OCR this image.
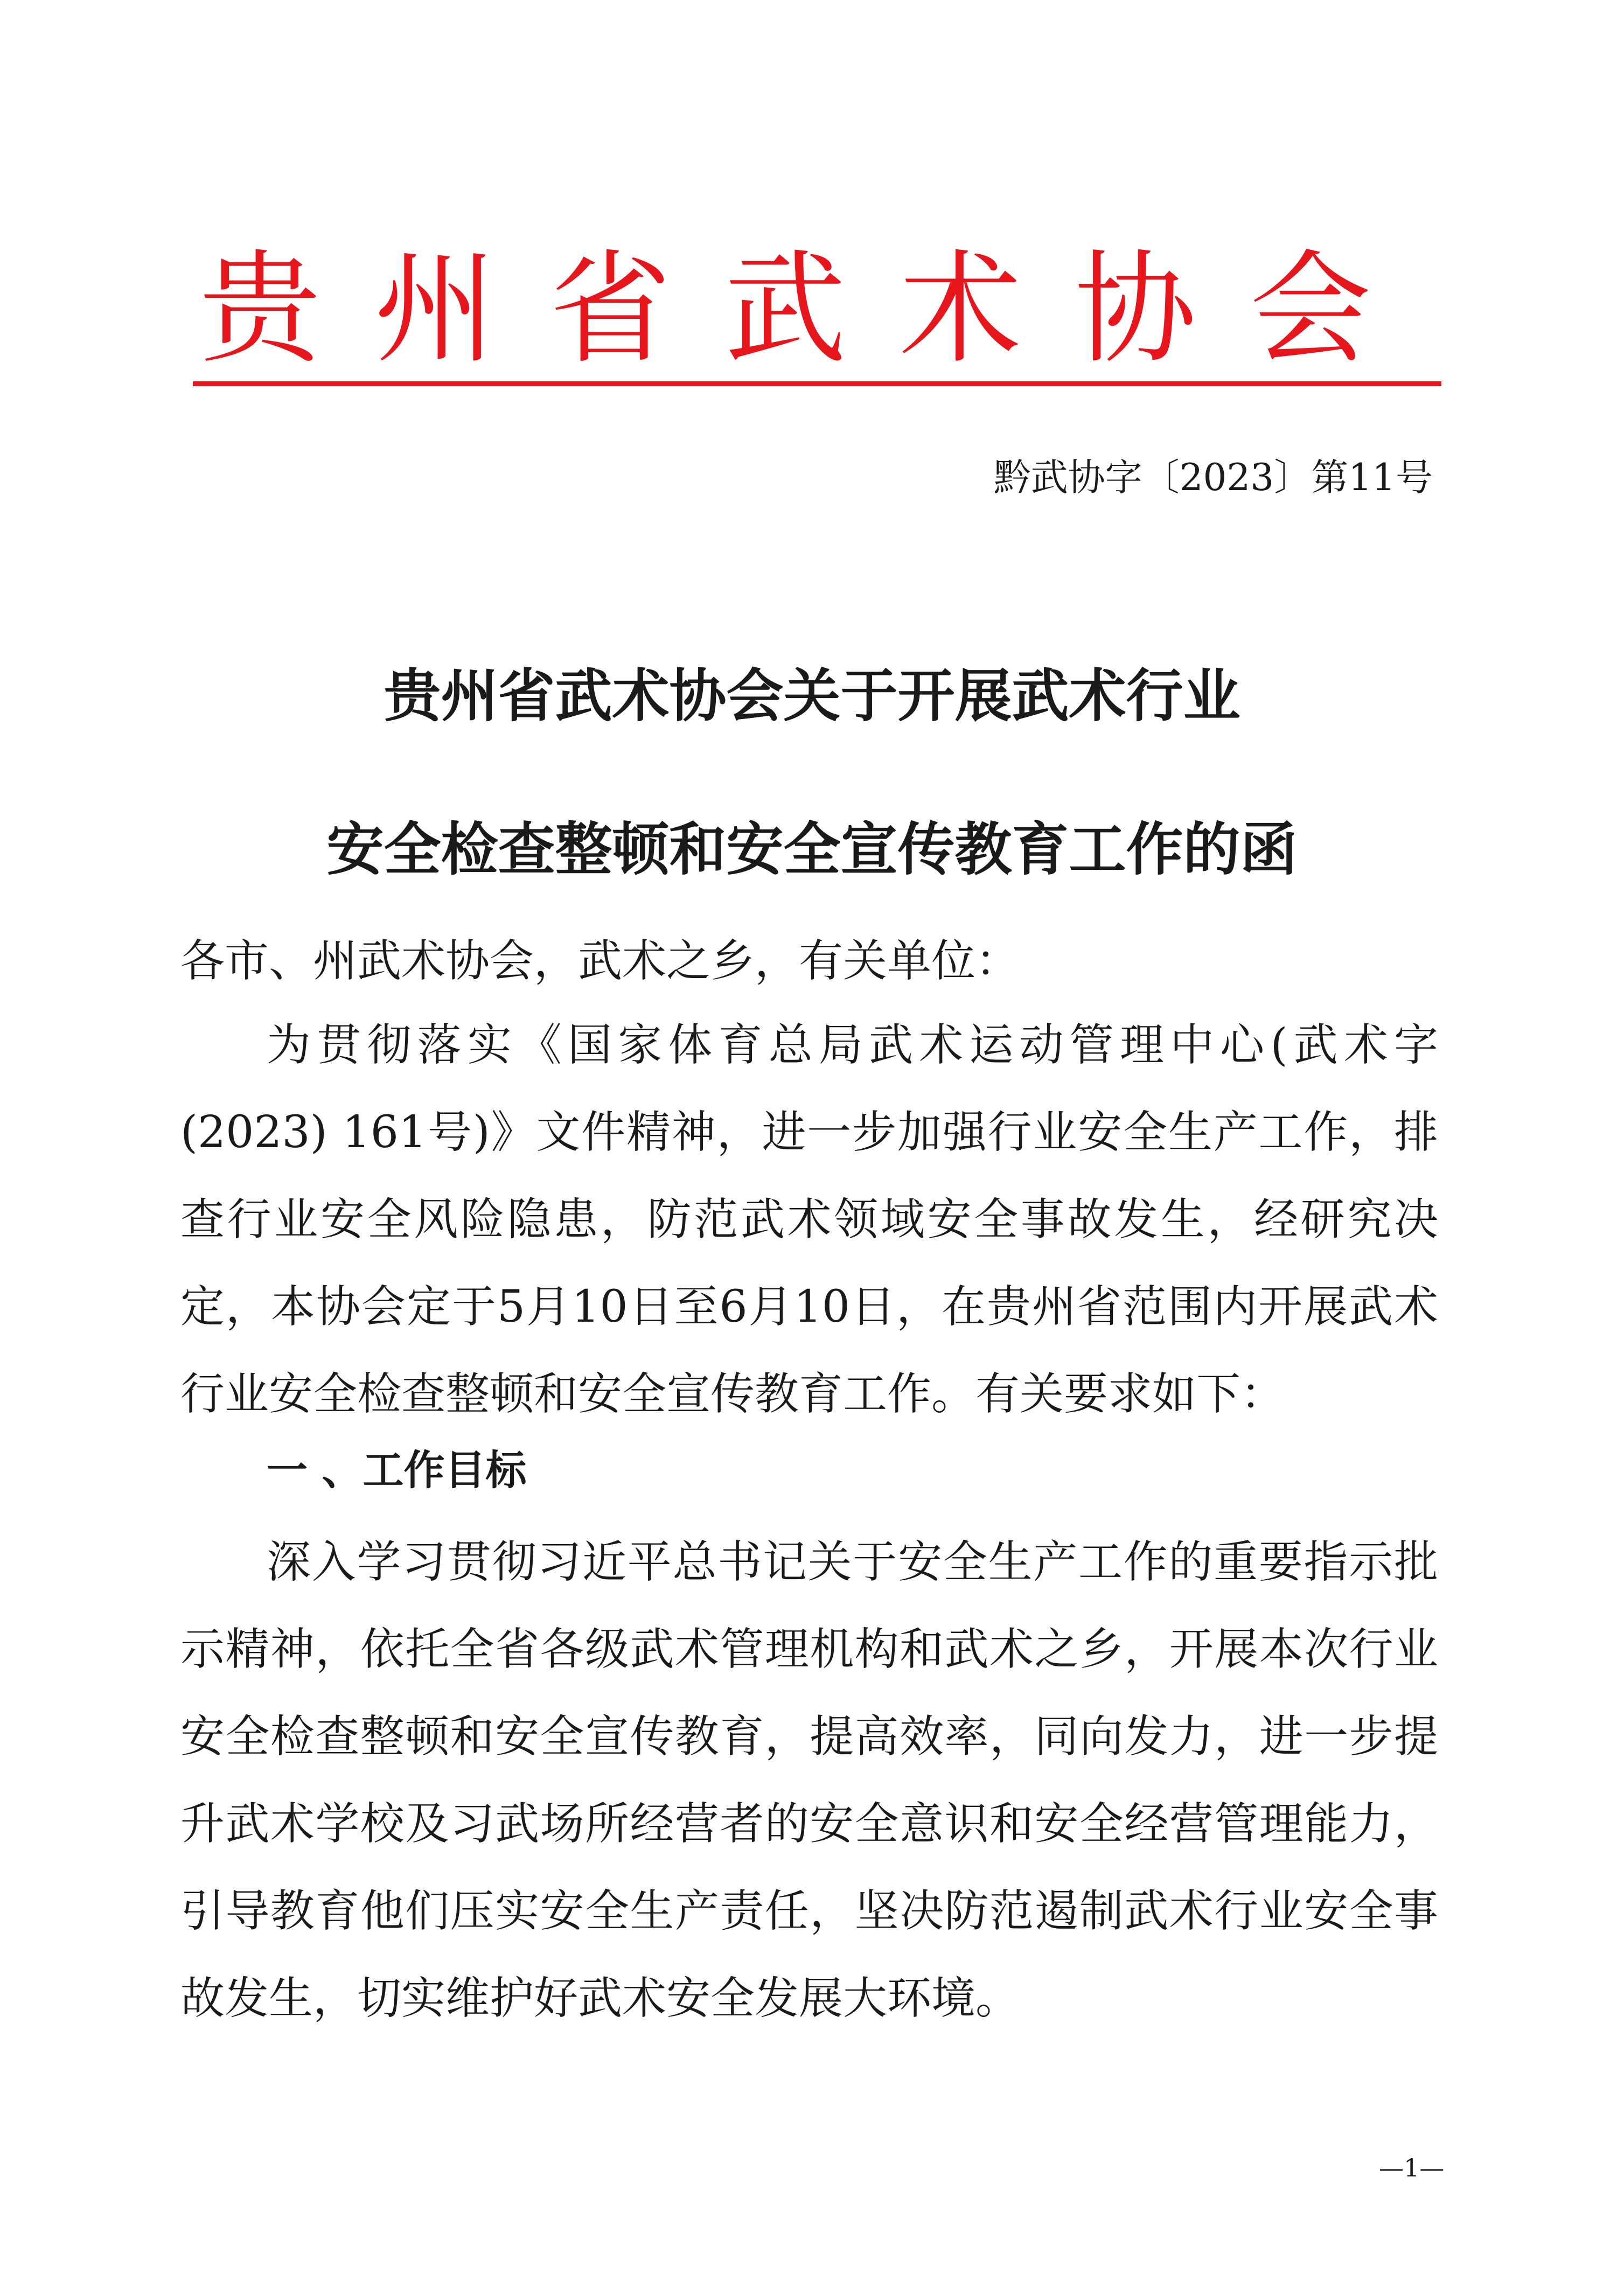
贵州省武术协会
黔武协字〔2023〕第11号
贵州省武术协会关于开展武术行业
安全检查整顿和安全宣传教育工作的函
各市、州武术协会，武术之乡，有关单位：
为贯彻落实《国家体育总局武术运动管理中心(武术字(2023) 161号)》文件精神，进一步加强行业安全生产工作，排查行业安全风险隐患，防范武术领域安全事故发生，经研究决定，本协会定于5月10日至6月10日，在贵州省范围内开展武术行业安全检查整顿和安全宣传教育工作。有关要求如下：
一 、工作目标
深入学习贯彻习近平总书记关于安全生产工作的重要指示批示精神，依托全省各级武术管理机构和武术之乡，开展本次行业安全检查整顿和安全宣传教育，提高效率，同向发力，进一步提升武术学校及习武场所经营者的安全意识和安全经营管理能力，引导教育他们压实安全生产责任，坚决防范遏制武术行业安全事故发生，切实维护好武术安全发展大环境。
—1—
